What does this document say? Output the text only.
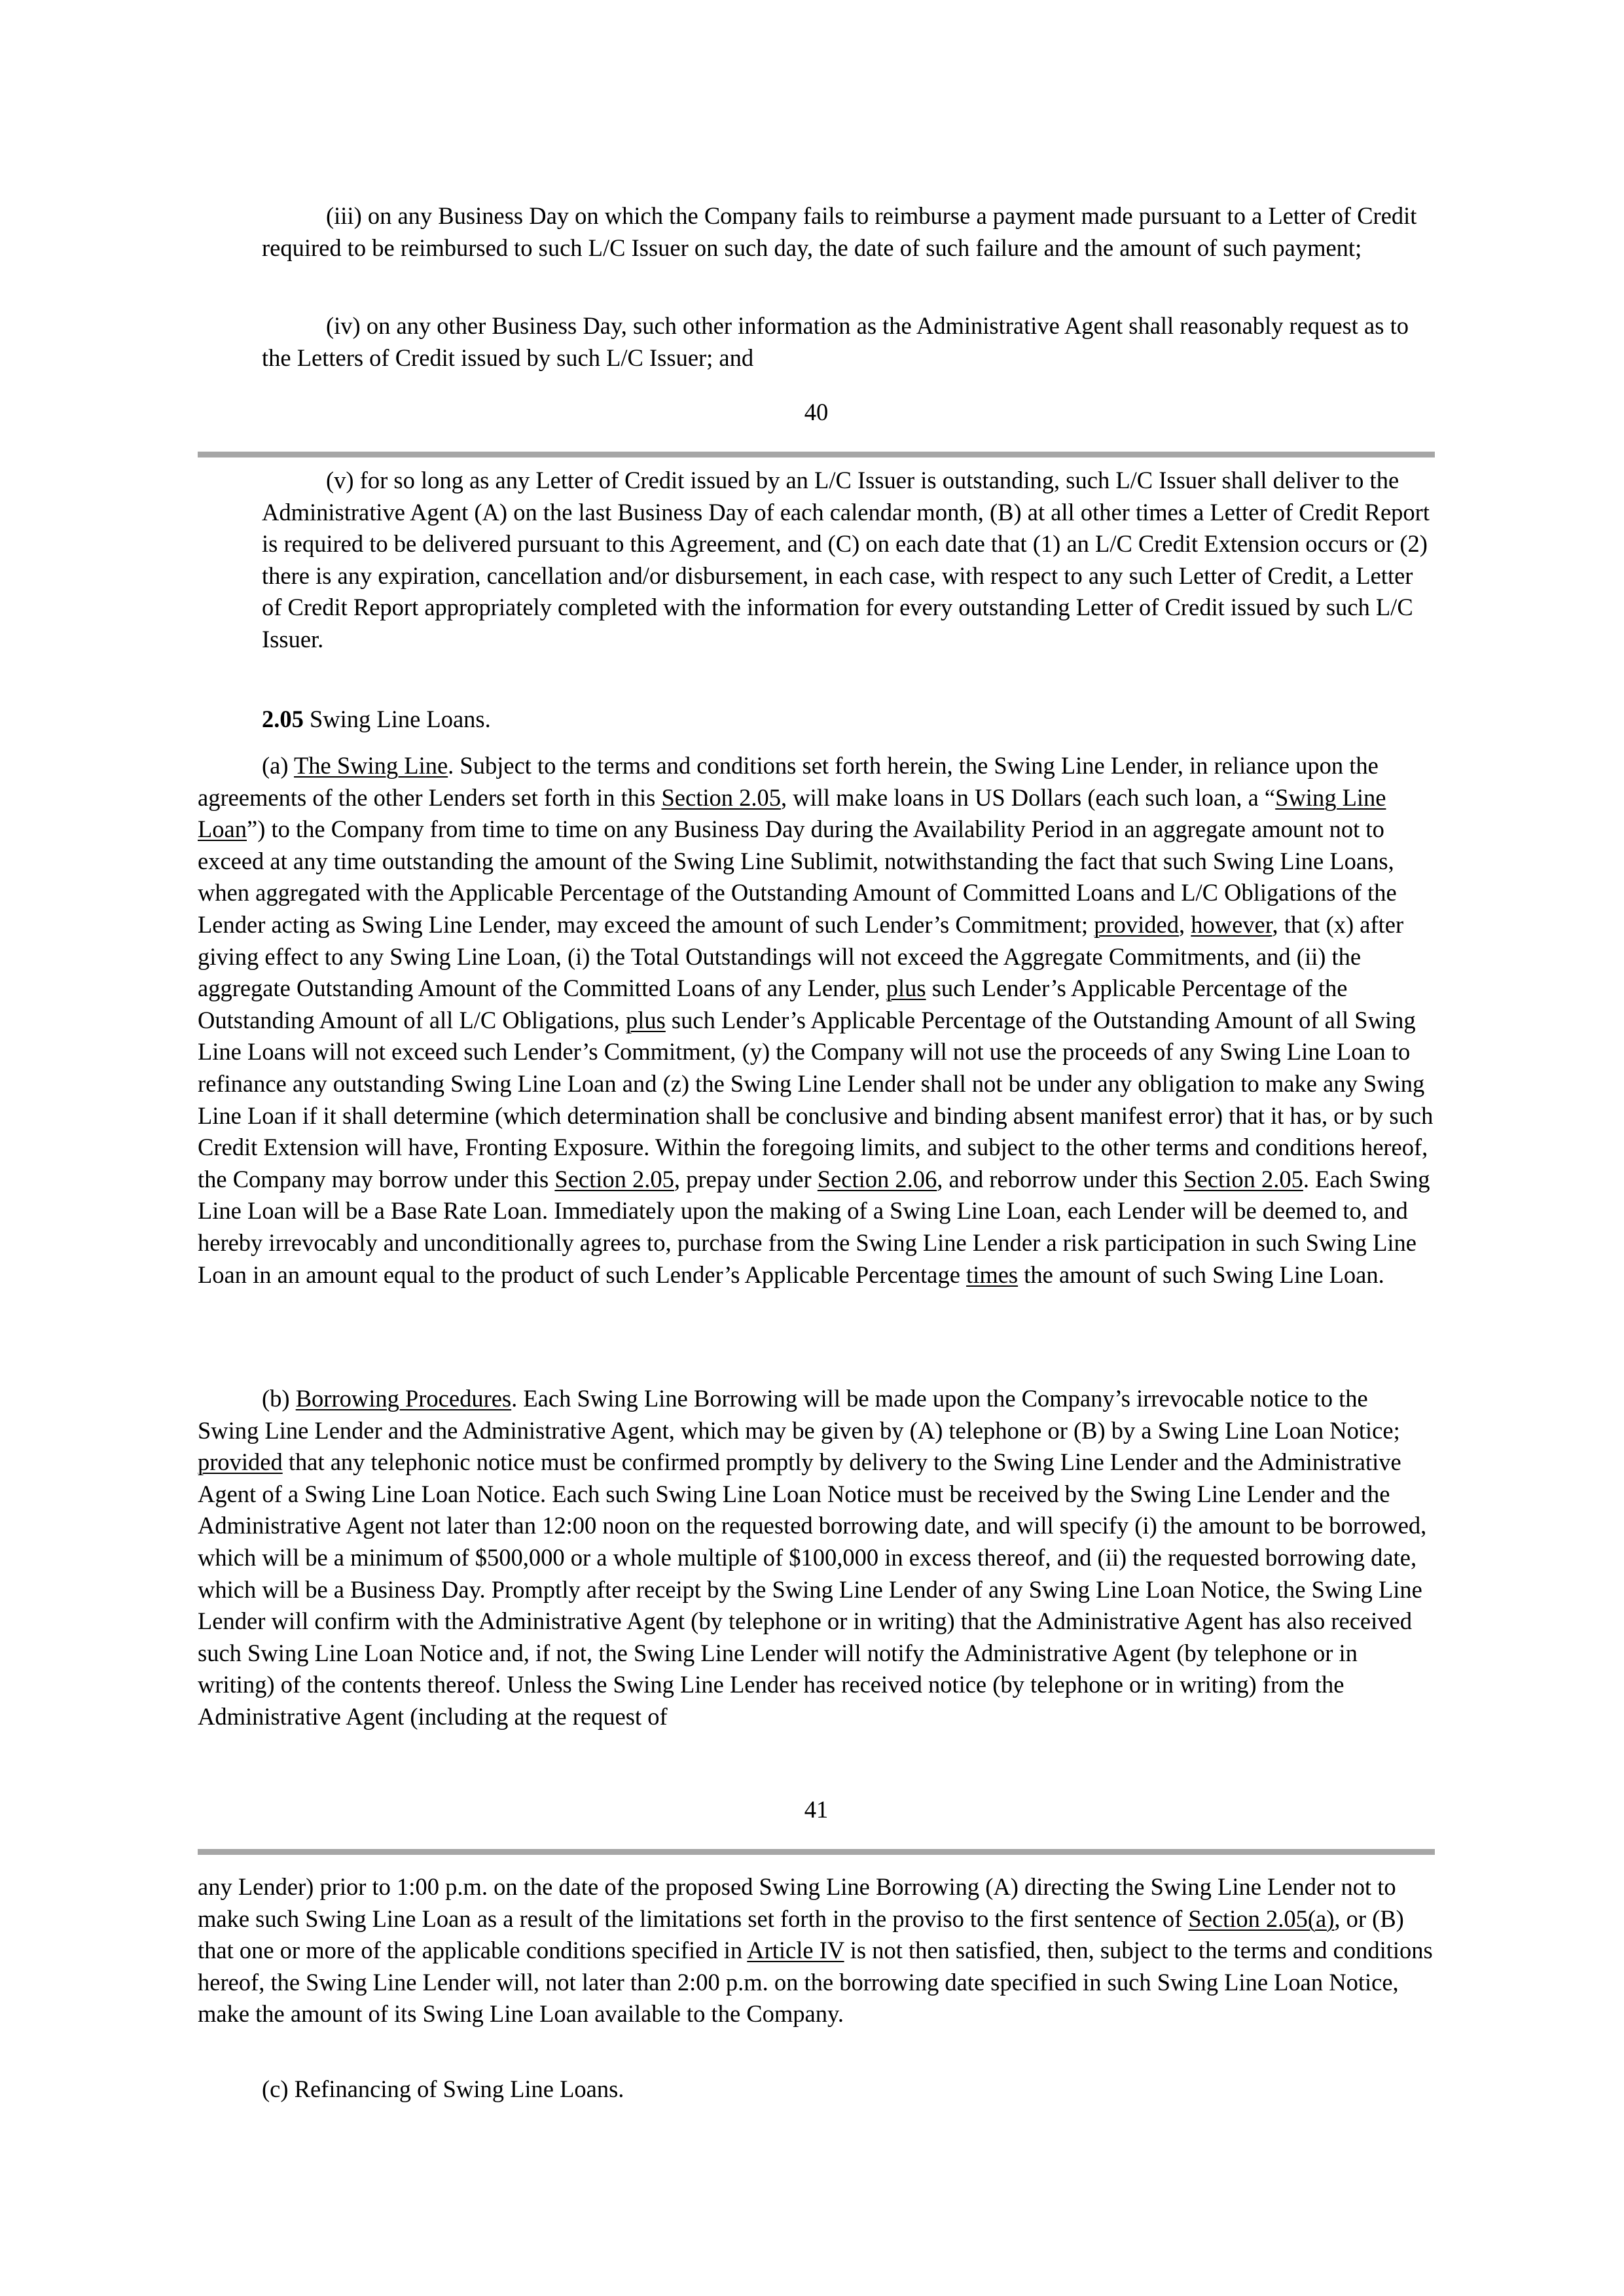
(iii) on any Business Day on which the Company fails to reimburse a payment made pursuant to a Letter of Credit required to be reimbursed to such L/C Issuer on such day, the date of such failure and the amount of such payment;

(iv) on any other Business Day, such other information as the Administrative Agent shall reasonably request as to the Letters of Credit issued by such L/C Issuer; and

40

(v) for so long as any Letter of Credit issued by an L/C Issuer is outstanding, such L/C Issuer shall deliver to the Administrative Agent (A) on the last Business Day of each calendar month, (B) at all other times a Letter of Credit Report is required to be delivered pursuant to this Agreement, and (C) on each date that (1) an L/C Credit Extension occurs or (2) there is any expiration, cancellation and/or disbursement, in each case, with respect to any such Letter of Credit, a Letter of Credit Report appropriately completed with the information for every outstanding Letter of Credit issued by such L/C Issuer.

2.05 Swing Line Loans.

(a) The Swing Line. Subject to the terms and conditions set forth herein, the Swing Line Lender, in reliance upon the agreements of the other Lenders set forth in this Section 2.05, will make loans in US Dollars (each such loan, a “Swing Line Loan”) to the Company from time to time on any Business Day during the Availability Period in an aggregate amount not to exceed at any time outstanding the amount of the Swing Line Sublimit, notwithstanding the fact that such Swing Line Loans, when aggregated with the Applicable Percentage of the Outstanding Amount of Committed Loans and L/C Obligations of the Lender acting as Swing Line Lender, may exceed the amount of such Lender’s Commitment; provided, however, that (x) after giving effect to any Swing Line Loan, (i) the Total Outstandings will not exceed the Aggregate Commitments, and (ii) the aggregate Outstanding Amount of the Committed Loans of any Lender, plus such Lender’s Applicable Percentage of the Outstanding Amount of all L/C Obligations, plus such Lender’s Applicable Percentage of the Outstanding Amount of all Swing Line Loans will not exceed such Lender’s Commitment, (y) the Company will not use the proceeds of any Swing Line Loan to refinance any outstanding Swing Line Loan and (z) the Swing Line Lender shall not be under any obligation to make any Swing Line Loan if it shall determine (which determination shall be conclusive and binding absent manifest error) that it has, or by such Credit Extension will have, Fronting Exposure. Within the foregoing limits, and subject to the other terms and conditions hereof, the Company may borrow under this Section 2.05, prepay under Section 2.06, and reborrow under this Section 2.05. Each Swing Line Loan will be a Base Rate Loan. Immediately upon the making of a Swing Line Loan, each Lender will be deemed to, and hereby irrevocably and unconditionally agrees to, purchase from the Swing Line Lender a risk participation in such Swing Line Loan in an amount equal to the product of such Lender’s Applicable Percentage times the amount of such Swing Line Loan.

(b) Borrowing Procedures. Each Swing Line Borrowing will be made upon the Company’s irrevocable notice to the Swing Line Lender and the Administrative Agent, which may be given by (A) telephone or (B) by a Swing Line Loan Notice; provided that any telephonic notice must be confirmed promptly by delivery to the Swing Line Lender and the Administrative Agent of a Swing Line Loan Notice. Each such Swing Line Loan Notice must be received by the Swing Line Lender and the Administrative Agent not later than 12:00 noon on the requested borrowing date, and will specify (i) the amount to be borrowed, which will be a minimum of $500,000 or a whole multiple of $100,000 in excess thereof, and (ii) the requested borrowing date, which will be a Business Day. Promptly after receipt by the Swing Line Lender of any Swing Line Loan Notice, the Swing Line Lender will confirm with the Administrative Agent (by telephone or in writing) that the Administrative Agent has also received such Swing Line Loan Notice and, if not, the Swing Line Lender will notify the Administrative Agent (by telephone or in writing) of the contents thereof. Unless the Swing Line Lender has received notice (by telephone or in writing) from the Administrative Agent (including at the request of

41

any Lender) prior to 1:00 p.m. on the date of the proposed Swing Line Borrowing (A) directing the Swing Line Lender not to make such Swing Line Loan as a result of the limitations set forth in the proviso to the first sentence of Section 2.05(a), or (B) that one or more of the applicable conditions specified in Article IV is not then satisfied, then, subject to the terms and conditions hereof, the Swing Line Lender will, not later than 2:00 p.m. on the borrowing date specified in such Swing Line Loan Notice, make the amount of its Swing Line Loan available to the Company.

(c) Refinancing of Swing Line Loans.
